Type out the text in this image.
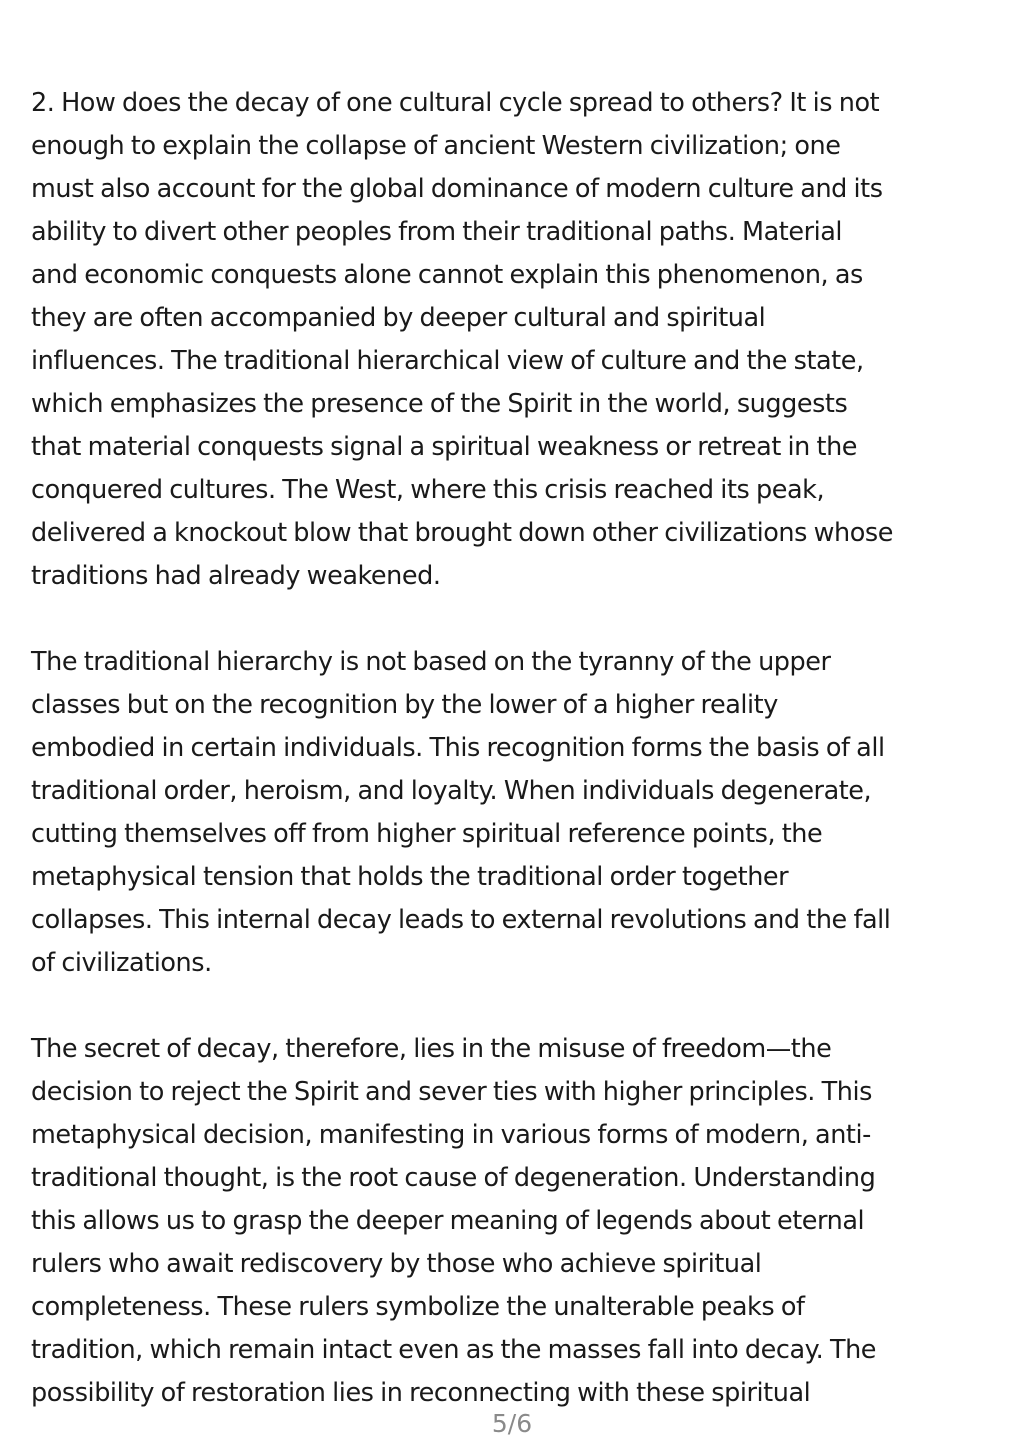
2. How does the decay of one cultural cycle spread to others? It is not
enough to explain the collapse of ancient Western civilization; one
must also account for the global dominance of modern culture and its
ability to divert other peoples from their traditional paths. Material
and economic conquests alone cannot explain this phenomenon, as
they are often accompanied by deeper cultural and spiritual
influences. The traditional hierarchical view of culture and the state,
which emphasizes the presence of the Spirit in the world, suggests
that material conquests signal a spiritual weakness or retreat in the
conquered cultures. The West, where this crisis reached its peak,
delivered a knockout blow that brought down other civilizations whose
traditions had already weakened.
The traditional hierarchy is not based on the tyranny of the upper
classes but on the recognition by the lower of a higher reality
embodied in certain individuals. This recognition forms the basis of all
traditional order, heroism, and loyalty. When individuals degenerate,
cutting themselves off from higher spiritual reference points, the
metaphysical tension that holds the traditional order together
collapses. This internal decay leads to external revolutions and the fall
of civilizations.
The secret of decay, therefore, lies in the misuse of freedom—the
decision to reject the Spirit and sever ties with higher principles. This
metaphysical decision, manifesting in various forms of modern, anti-
traditional thought, is the root cause of degeneration. Understanding
this allows us to grasp the deeper meaning of legends about eternal
rulers who await rediscovery by those who achieve spiritual
completeness. These rulers symbolize the unalterable peaks of
tradition, which remain intact even as the masses fall into decay. The
possibility of restoration lies in reconnecting with these spiritual
5/6
